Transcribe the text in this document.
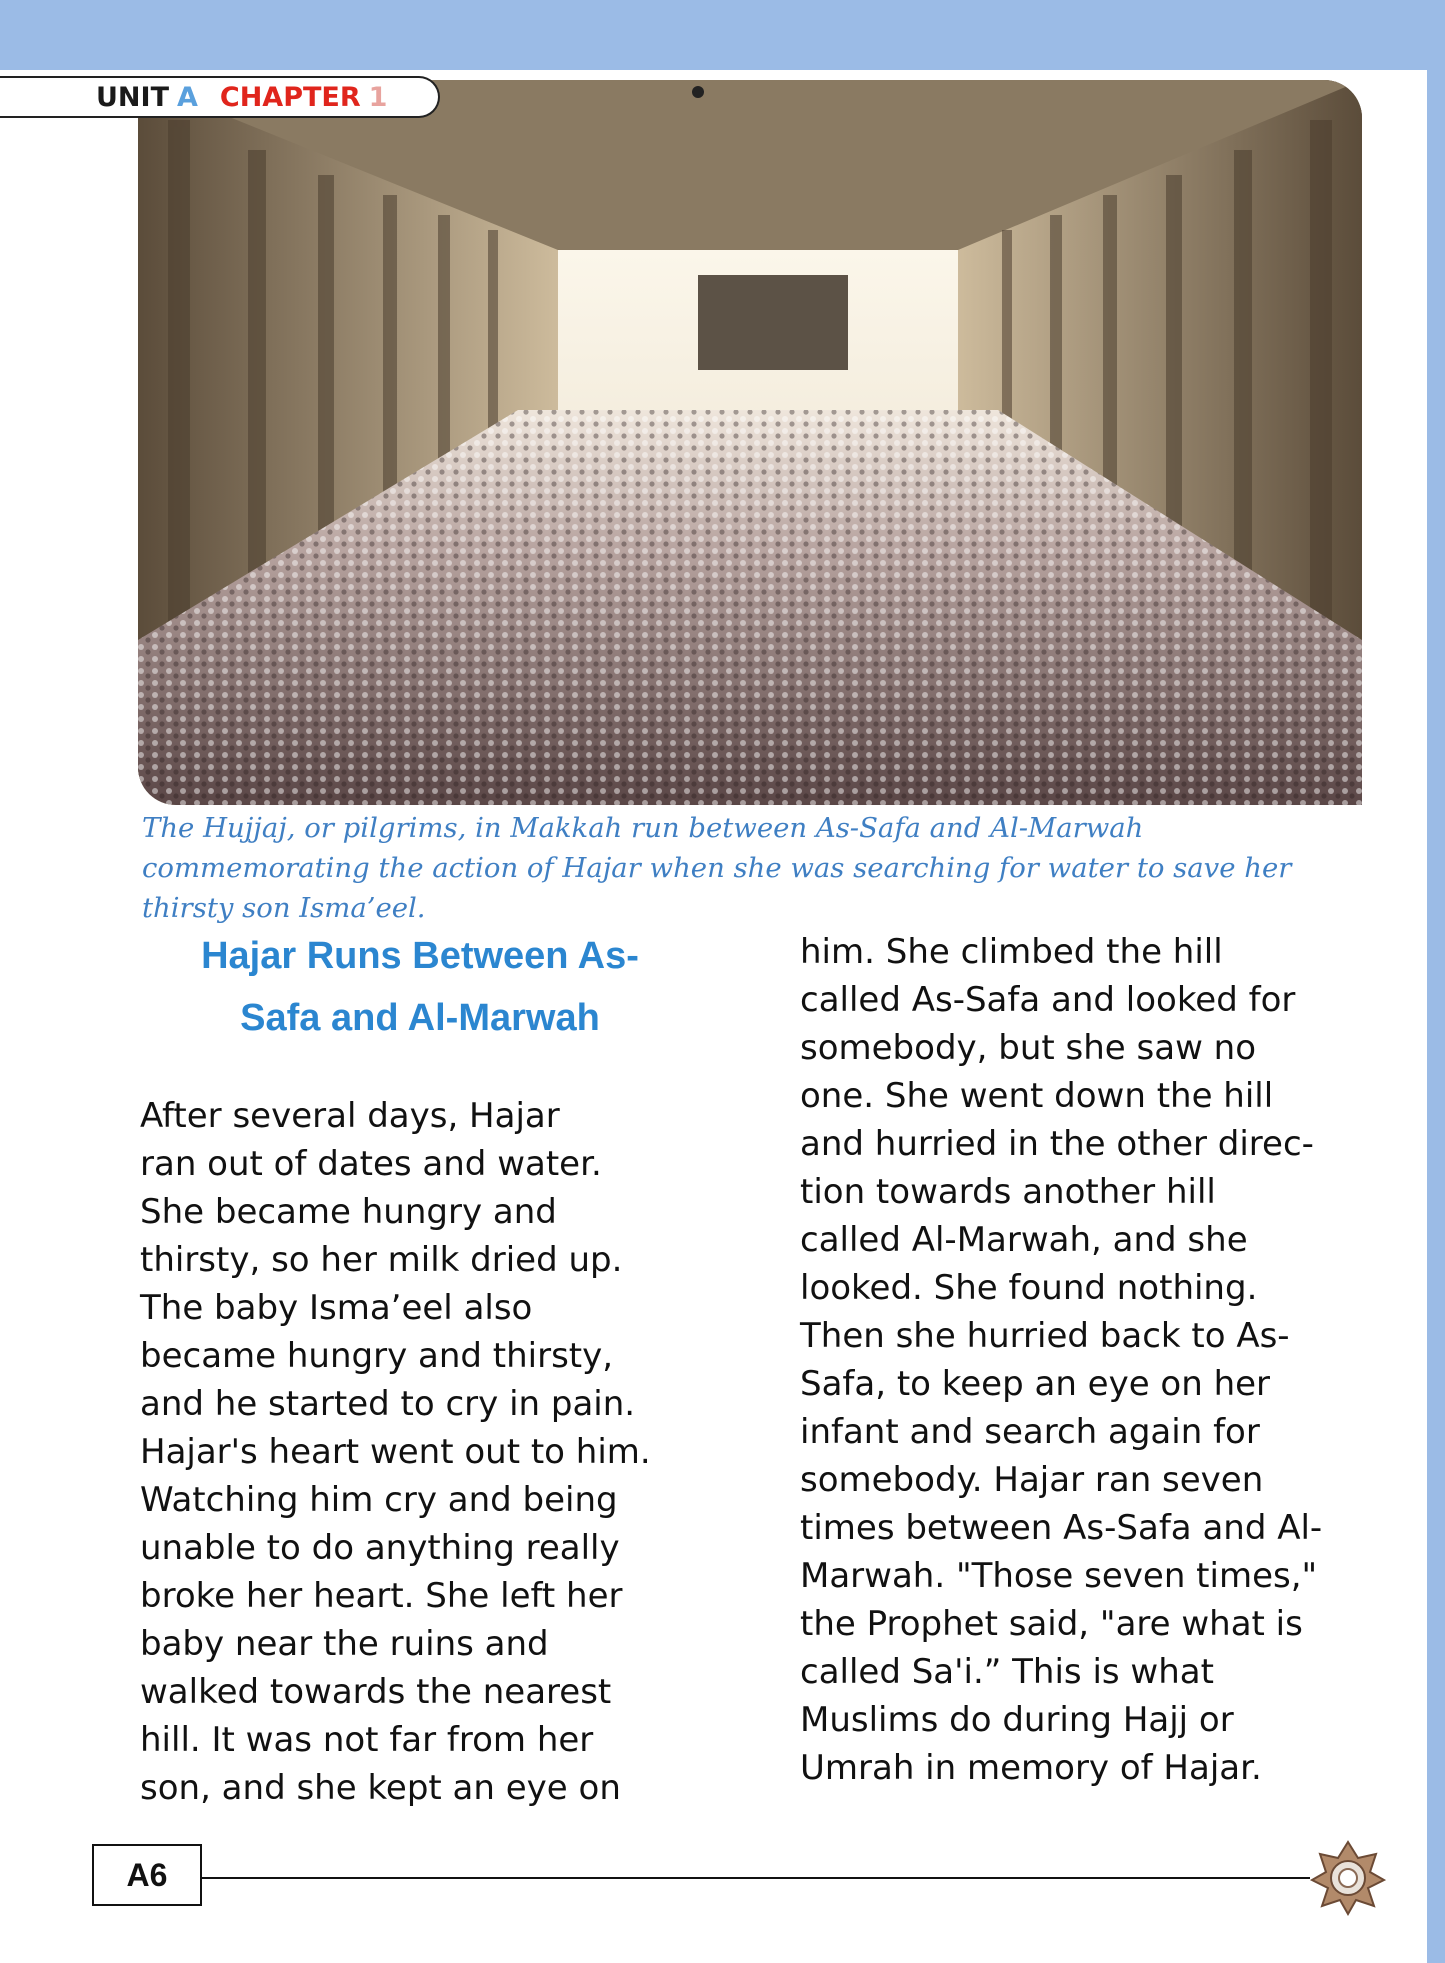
UNIT A CHAPTER 1
The Hujjaj, or pilgrims, in Makkah run between As-Safa and Al-Marwah commemorating the action of Hajar when she was searching for water to save her thirsty son Isma’eel.
Hajar Runs Between As-
Safa and Al-Marwah
After several days, Hajar
ran out of dates and water.
She became hungry and
thirsty, so her milk dried up.
The baby Isma’eel also
became hungry and thirsty,
and he started to cry in pain.
Hajar's heart went out to him.
Watching him cry and being
unable to do anything really
broke her heart. She left her
baby near the ruins and
walked towards the nearest
hill. It was not far from her
son, and she kept an eye on
him. She climbed the hill
called As-Safa and looked for
somebody, but she saw no
one. She went down the hill
and hurried in the other direc-
tion towards another hill
called Al-Marwah, and she
looked. She found nothing.
Then she hurried back to As-
Safa, to keep an eye on her
infant and search again for
somebody. Hajar ran seven
times between As-Safa and Al-
Marwah. "Those seven times,"
the Prophet said, "are what is
called Sa'i.” This is what
Muslims do during Hajj or
Umrah in memory of Hajar.
A6
